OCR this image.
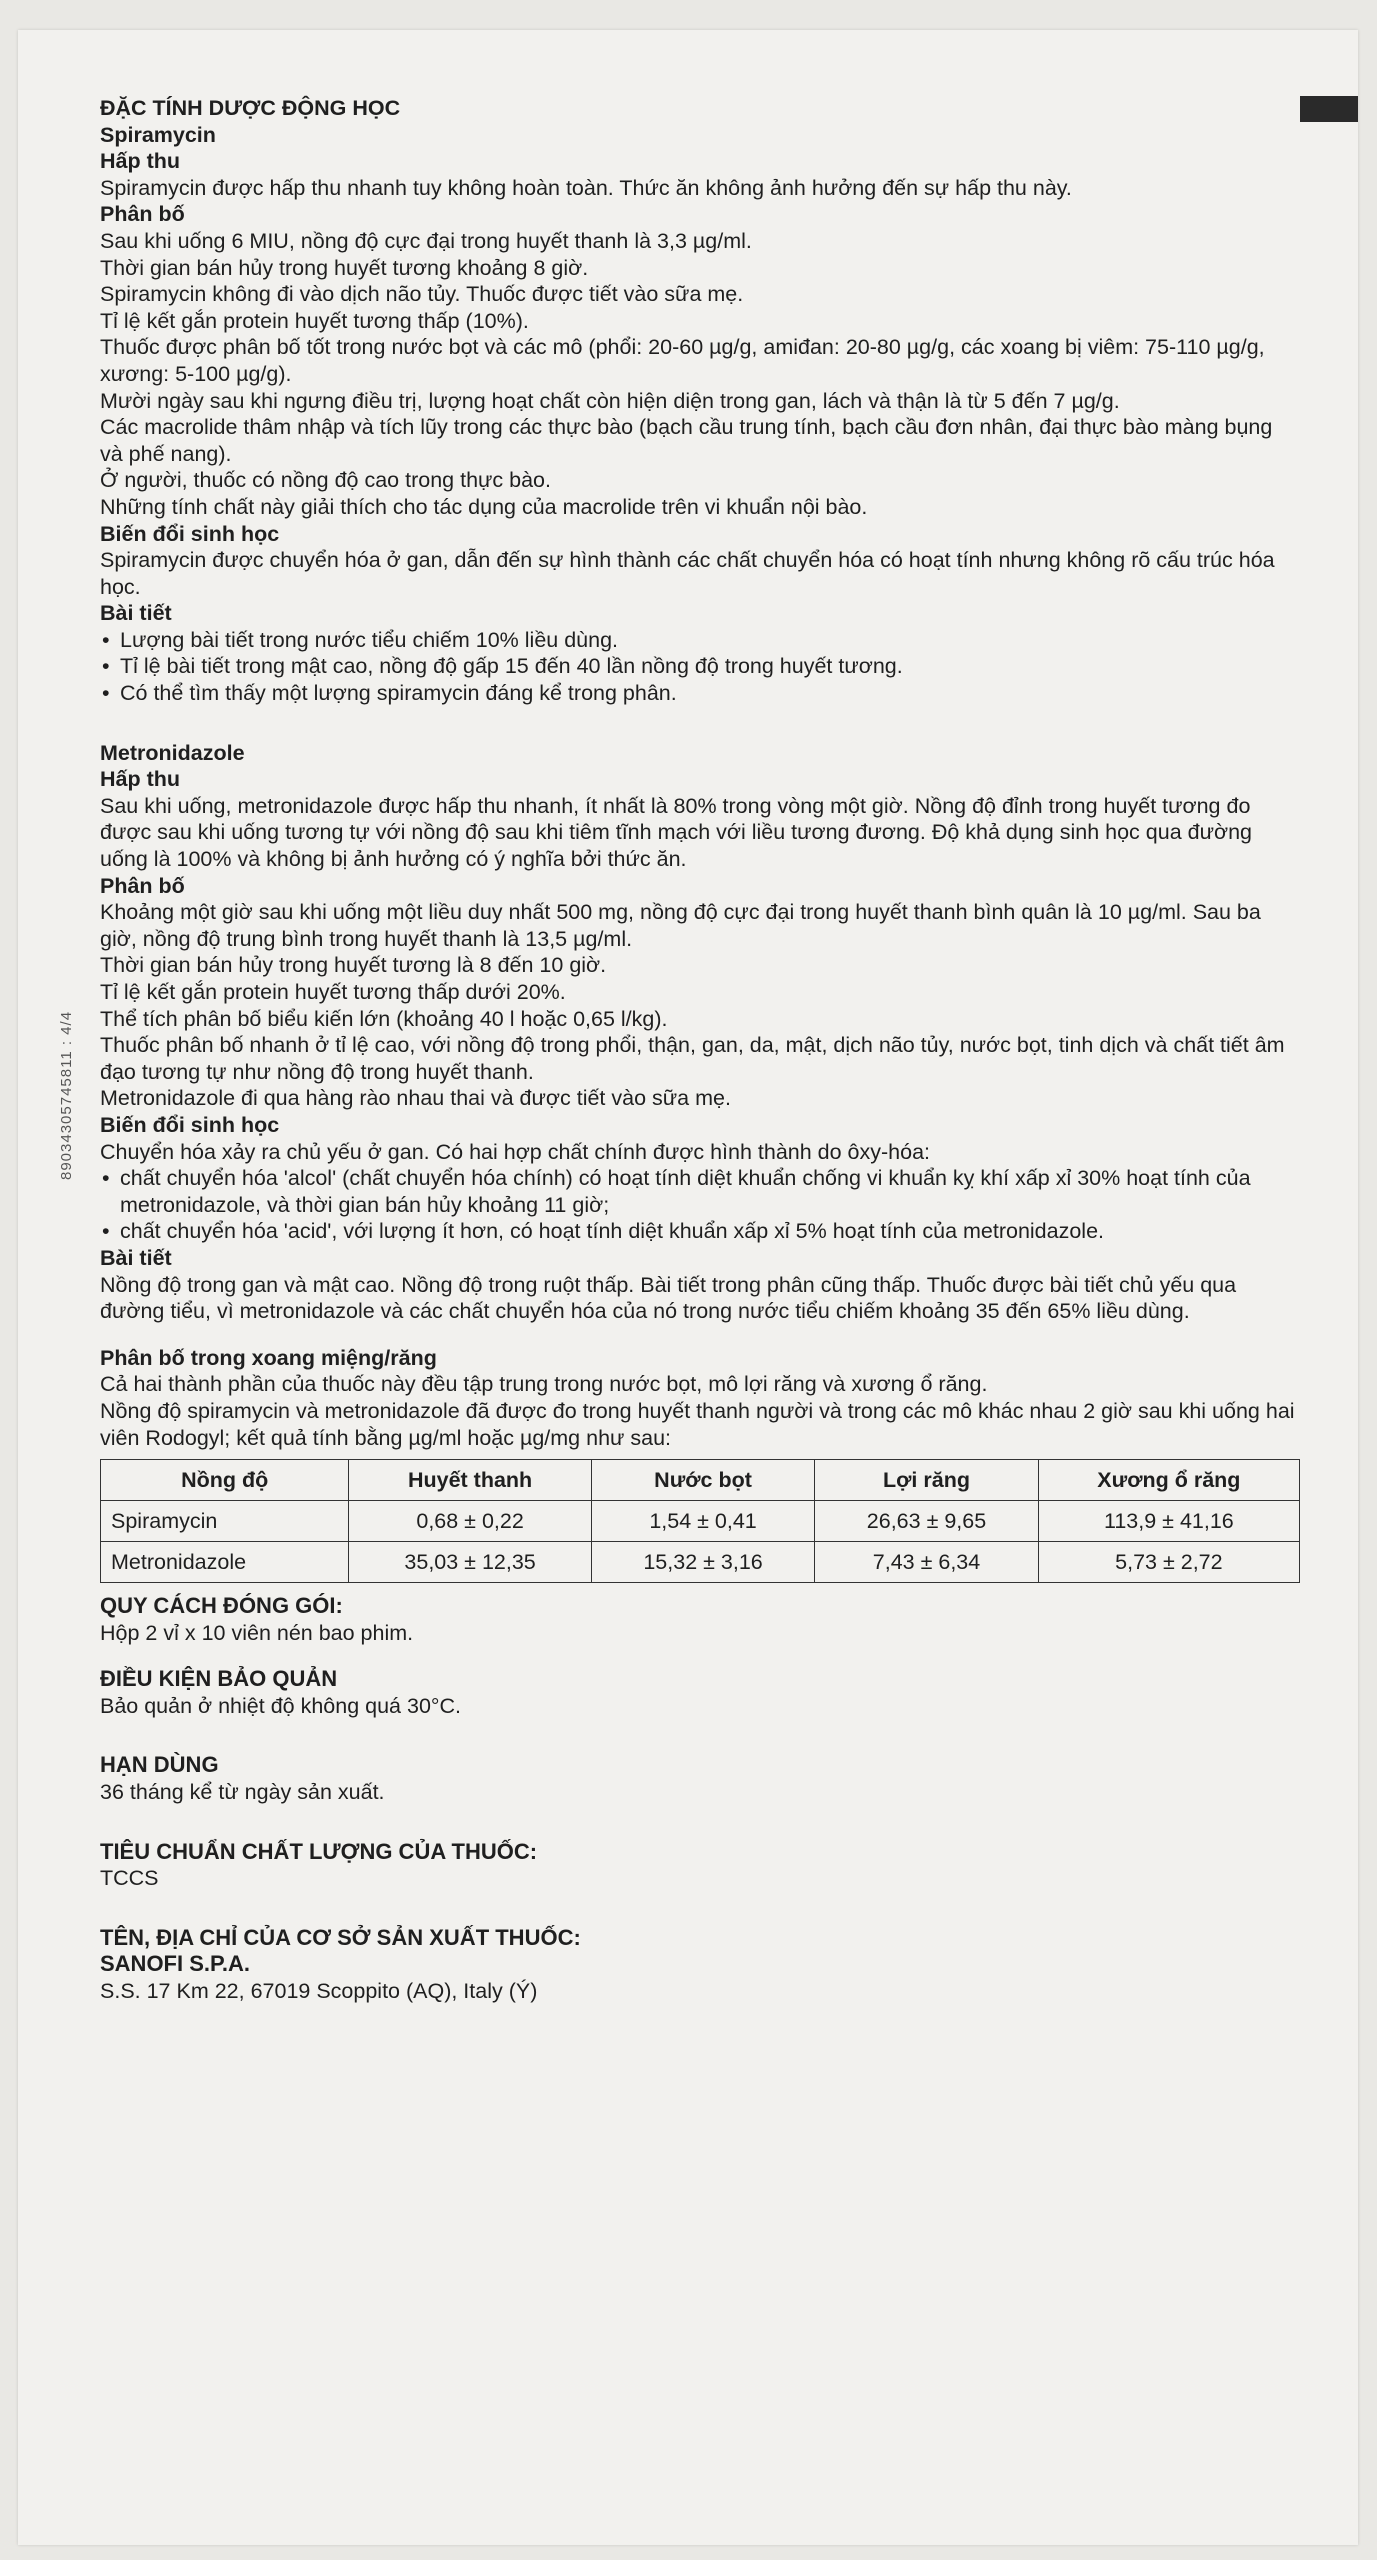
89034305745811 : 4/4

ĐẶC TÍNH DƯỢC ĐỘNG HỌC

Spiramycin

Hấp thu

Spiramycin được hấp thu nhanh tuy không hoàn toàn. Thức ăn không ảnh hưởng đến sự hấp thu này.

Phân bố

Sau khi uống 6 MIU, nồng độ cực đại trong huyết thanh là 3,3 µg/ml.

Thời gian bán hủy trong huyết tương khoảng 8 giờ.

Spiramycin không đi vào dịch não tủy. Thuốc được tiết vào sữa mẹ.

Tỉ lệ kết gắn protein huyết tương thấp (10%).

Thuốc được phân bố tốt trong nước bọt và các mô (phổi: 20-60 µg/g, amiđan: 20-80 µg/g, các xoang bị viêm: 75-110 µg/g, xương: 5-100 µg/g).

Mười ngày sau khi ngưng điều trị, lượng hoạt chất còn hiện diện trong gan, lách và thận là từ 5 đến 7 µg/g.

Các macrolide thâm nhập và tích lũy trong các thực bào (bạch cầu trung tính, bạch cầu đơn nhân, đại thực bào màng bụng và phế nang).

Ở người, thuốc có nồng độ cao trong thực bào.

Những tính chất này giải thích cho tác dụng của macrolide trên vi khuẩn nội bào.

Biến đổi sinh học

Spiramycin được chuyển hóa ở gan, dẫn đến sự hình thành các chất chuyển hóa có hoạt tính nhưng không rõ cấu trúc hóa học.

Bài tiết

• Lượng bài tiết trong nước tiểu chiếm 10% liều dùng.
• Tỉ lệ bài tiết trong mật cao, nồng độ gấp 15 đến 40 lần nồng độ trong huyết tương.
• Có thể tìm thấy một lượng spiramycin đáng kể trong phân.

Metronidazole

Hấp thu

Sau khi uống, metronidazole được hấp thu nhanh, ít nhất là 80% trong vòng một giờ. Nồng độ đỉnh trong huyết tương đo được sau khi uống tương tự với nồng độ sau khi tiêm tĩnh mạch với liều tương đương. Độ khả dụng sinh học qua đường uống là 100% và không bị ảnh hưởng có ý nghĩa bởi thức ăn.

Phân bố

Khoảng một giờ sau khi uống một liều duy nhất 500 mg, nồng độ cực đại trong huyết thanh bình quân là 10 µg/ml. Sau ba giờ, nồng độ trung bình trong huyết thanh là 13,5 µg/ml.

Thời gian bán hủy trong huyết tương là 8 đến 10 giờ.

Tỉ lệ kết gắn protein huyết tương thấp dưới 20%.

Thể tích phân bố biểu kiến lớn (khoảng 40 l hoặc 0,65 l/kg).

Thuốc phân bố nhanh ở tỉ lệ cao, với nồng độ trong phổi, thận, gan, da, mật, dịch não tủy, nước bọt, tinh dịch và chất tiết âm đạo tương tự như nồng độ trong huyết thanh.

Metronidazole đi qua hàng rào nhau thai và được tiết vào sữa mẹ.

Biến đổi sinh học

Chuyển hóa xảy ra chủ yếu ở gan. Có hai hợp chất chính được hình thành do ôxy-hóa:

• chất chuyển hóa 'alcol' (chất chuyển hóa chính) có hoạt tính diệt khuẩn chống vi khuẩn kỵ khí xấp xỉ 30% hoạt tính của metronidazole, và thời gian bán hủy khoảng 11 giờ;
• chất chuyển hóa 'acid', với lượng ít hơn, có hoạt tính diệt khuẩn xấp xỉ 5% hoạt tính của metronidazole.

Bài tiết

Nồng độ trong gan và mật cao. Nồng độ trong ruột thấp. Bài tiết trong phân cũng thấp. Thuốc được bài tiết chủ yếu qua đường tiểu, vì metronidazole và các chất chuyển hóa của nó trong nước tiểu chiếm khoảng 35 đến 65% liều dùng.

Phân bố trong xoang miệng/răng

Cả hai thành phần của thuốc này đều tập trung trong nước bọt, mô lợi răng và xương ổ răng.

Nồng độ spiramycin và metronidazole đã được đo trong huyết thanh người và trong các mô khác nhau 2 giờ sau khi uống hai viên Rodogyl; kết quả tính bằng µg/ml hoặc µg/mg như sau:

Nồng độ	Huyết thanh	Nước bọt	Lợi răng	Xương ổ răng
Spiramycin	0,68 ± 0,22	1,54 ± 0,41	26,63 ± 9,65	113,9 ± 41,16
Metronidazole	35,03 ± 12,35	15,32 ± 3,16	7,43 ± 6,34	5,73 ± 2,72

QUY CÁCH ĐÓNG GÓI:

Hộp 2 vỉ x 10 viên nén bao phim.

ĐIỀU KIỆN BẢO QUẢN

Bảo quản ở nhiệt độ không quá 30°C.

HẠN DÙNG

36 tháng kể từ ngày sản xuất.

TIÊU CHUẨN CHẤT LƯỢNG CỦA THUỐC:

TCCS

TÊN, ĐỊA CHỈ CỦA CƠ SỞ SẢN XUẤT THUỐC:

SANOFI S.P.A.

S.S. 17 Km 22, 67019 Scoppito (AQ), Italy (Ý)
